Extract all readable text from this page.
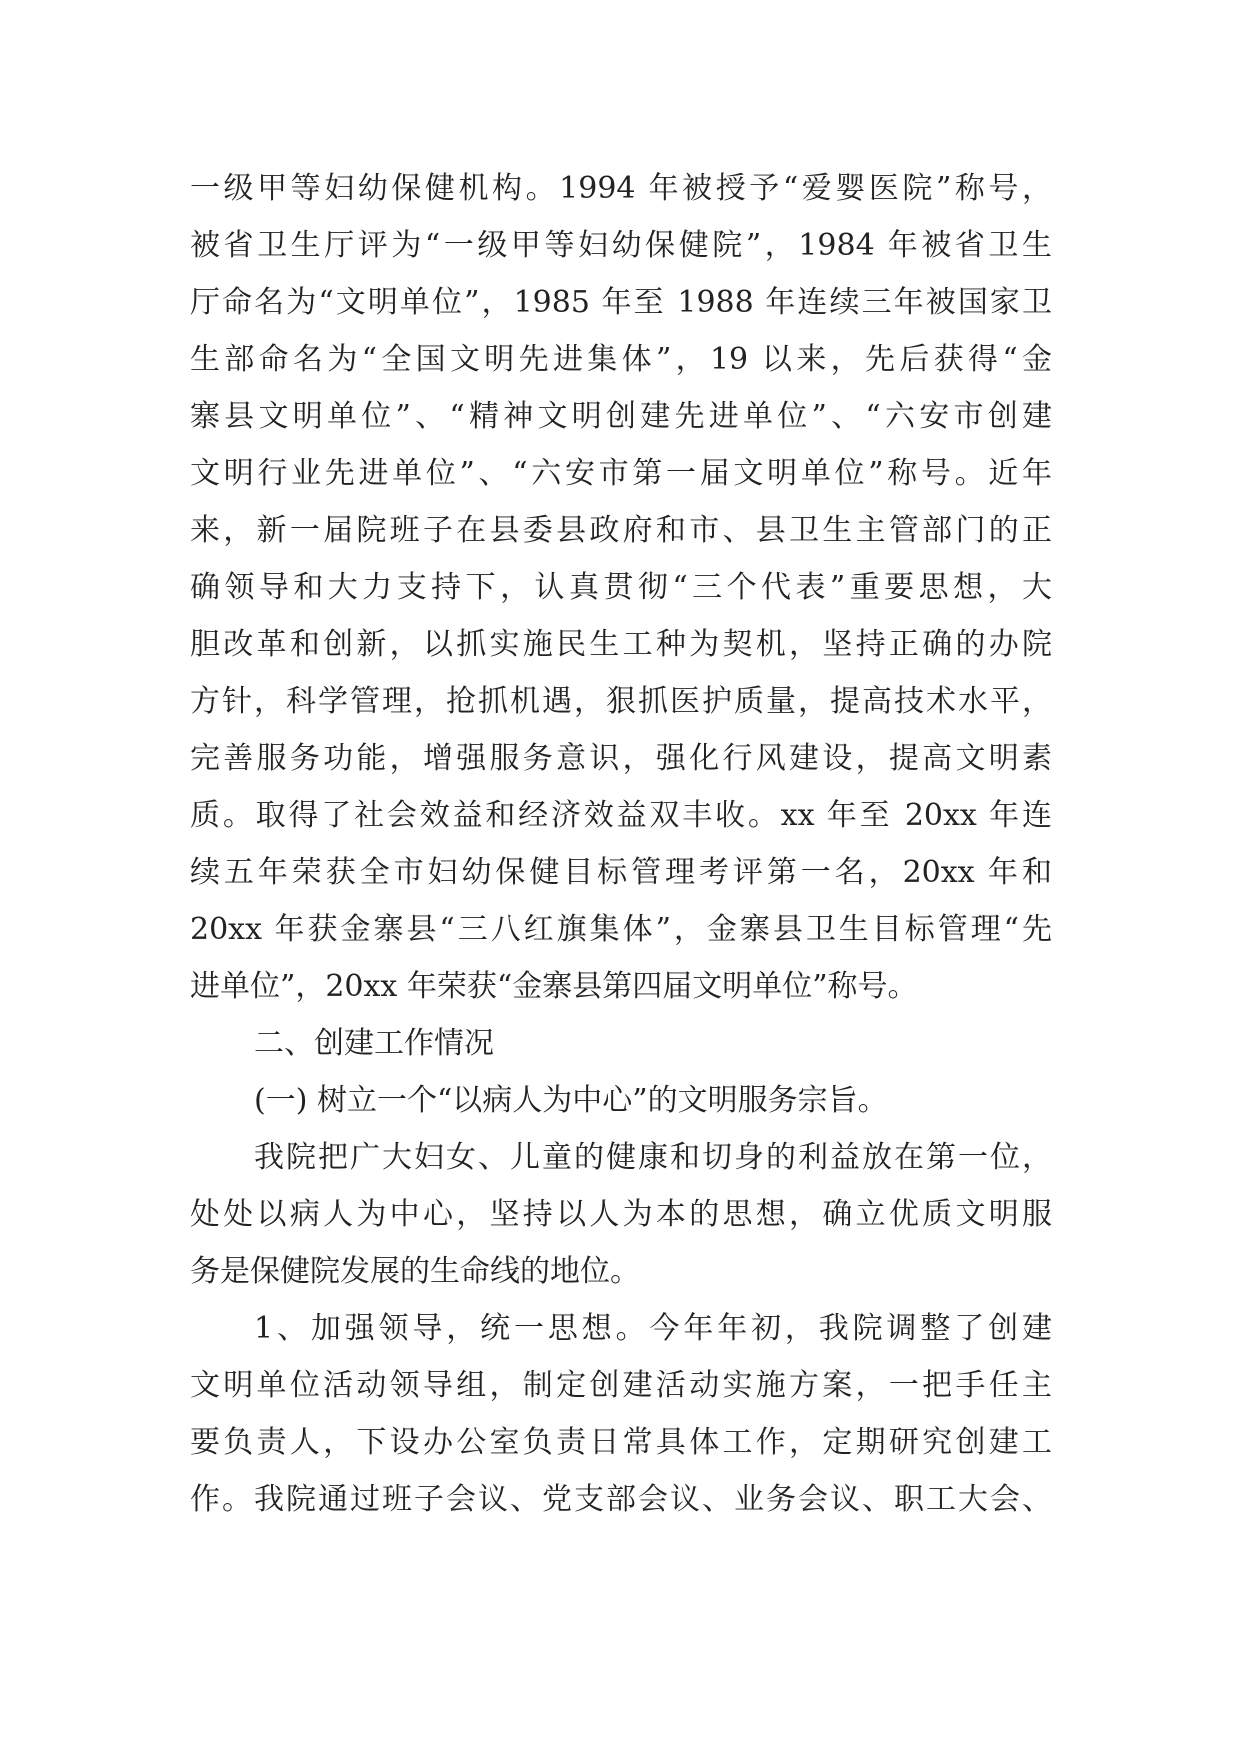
一级甲等妇幼保健机构。1994 年被授予“爱婴医院”称号，
被省卫生厅评为“一级甲等妇幼保健院”，1984 年被省卫生
厅命名为“文明单位”，1985 年至 1988 年连续三年被国家卫
生部命名为“全国文明先进集体”，19 以来，先后获得“金
寨县文明单位”、“精神文明创建先进单位”、“六安市创建
文明行业先进单位”、“六安市第一届文明单位”称号。近年
来，新一届院班子在县委县政府和市、县卫生主管部门的正
确领导和大力支持下，认真贯彻“三个代表”重要思想，大
胆改革和创新，以抓实施民生工种为契机，坚持正确的办院
方针，科学管理，抢抓机遇，狠抓医护质量，提高技术水平，
完善服务功能，增强服务意识，强化行风建设，提高文明素
质。取得了社会效益和经济效益双丰收。xx 年至 20xx 年连
续五年荣获全市妇幼保健目标管理考评第一名，20xx 年和
20xx 年获金寨县“三八红旗集体”，金寨县卫生目标管理“先
进单位”，20xx 年荣获“金寨县第四届文明单位”称号。
二、创建工作情况
(一) 树立一个“以病人为中心”的文明服务宗旨。
我院把广大妇女、儿童的健康和切身的利益放在第一位，
处处以病人为中心，坚持以人为本的思想，确立优质文明服
务是保健院发展的生命线的地位。
1、加强领导，统一思想。今年年初，我院调整了创建
文明单位活动领导组，制定创建活动实施方案，一把手任主
要负责人，下设办公室负责日常具体工作，定期研究创建工
作。我院通过班子会议、党支部会议、业务会议、职工大会、
